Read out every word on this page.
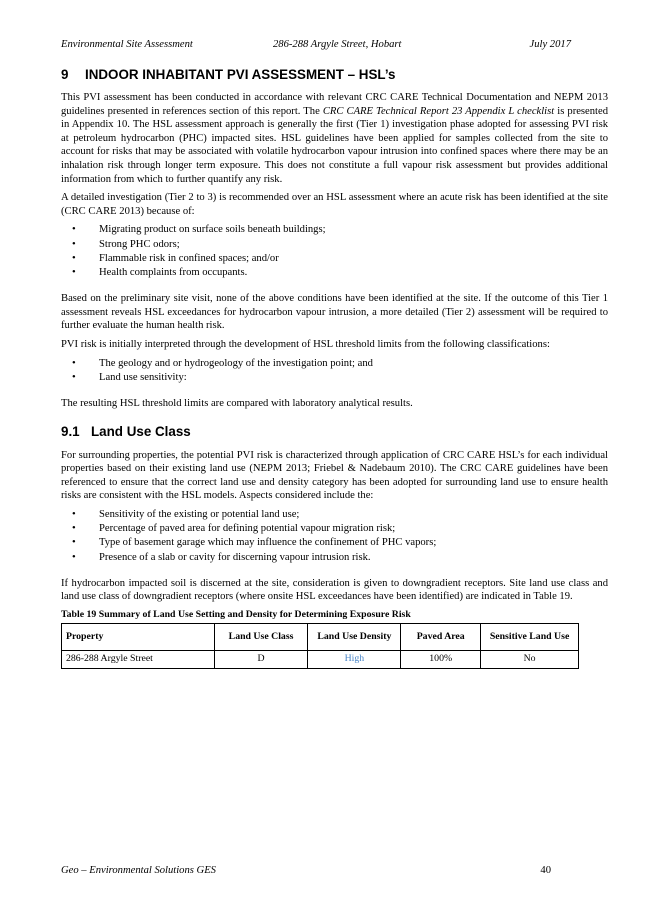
Environmental Site Assessment	286-288 Argyle Street, Hobart	July 2017
9 INDOOR INHABITANT PVI ASSESSMENT – HSL’s

This PVI assessment has been conducted in accordance with relevant CRC CARE Technical Documentation and NEPM 2013 guidelines presented in references section of this report. The CRC CARE Technical Report 23 Appendix L checklist is presented in Appendix 10. The HSL assessment approach is generally the first (Tier 1) investigation phase adopted for assessing PVI risk at petroleum hydrocarbon (PHC) impacted sites. HSL guidelines have been applied for samples collected from the site to account for risks that may be associated with volatile hydrocarbon vapour intrusion into confined spaces where there may be an inhalation risk through longer term exposure. This does not constitute a full vapour risk assessment but provides additional information from which to further quantify any risk.

A detailed investigation (Tier 2 to 3) is recommended over an HSL assessment where an acute risk has been identified at the site (CRC CARE 2013) because of:

• Migrating product on surface soils beneath buildings;
• Strong PHC odors;
• Flammable risk in confined spaces; and/or
• Health complaints from occupants.

Based on the preliminary site visit, none of the above conditions have been identified at the site. If the outcome of this Tier 1 assessment reveals HSL exceedances for hydrocarbon vapour intrusion, a more detailed (Tier 2) assessment will be required to further evaluate the human health risk.

PVI risk is initially interpreted through the development of HSL threshold limits from the following classifications:

• The geology and or hydrogeology of the investigation point; and
• Land use sensitivity:

The resulting HSL threshold limits are compared with laboratory analytical results.

9.1 Land Use Class

For surrounding properties, the potential PVI risk is characterized through application of CRC CARE HSL’s for each individual properties based on their existing land use (NEPM 2013; Friebel & Nadebaum 2010). The CRC CARE guidelines have been referenced to ensure that the correct land use and density category has been adopted for surrounding land use to ensure health risks are consistent with the HSL models. Aspects considered include the:

• Sensitivity of the existing or potential land use;
• Percentage of paved area for defining potential vapour migration risk;
• Type of basement garage which may influence the confinement of PHC vapors;
• Presence of a slab or cavity for discerning vapour intrusion risk.

If hydrocarbon impacted soil is discerned at the site, consideration is given to downgradient receptors. Site land use class and land use class of downgradient receptors (where onsite HSL exceedances have been identified) are indicated in Table 19.

Table 19 Summary of Land Use Setting and Density for Determining Exposure Risk
Property	Land Use Class	Land Use Density	Paved Area	Sensitive Land Use
286-288 Argyle Street	D	High	100%	No
Geo – Environmental Solutions GES	40
